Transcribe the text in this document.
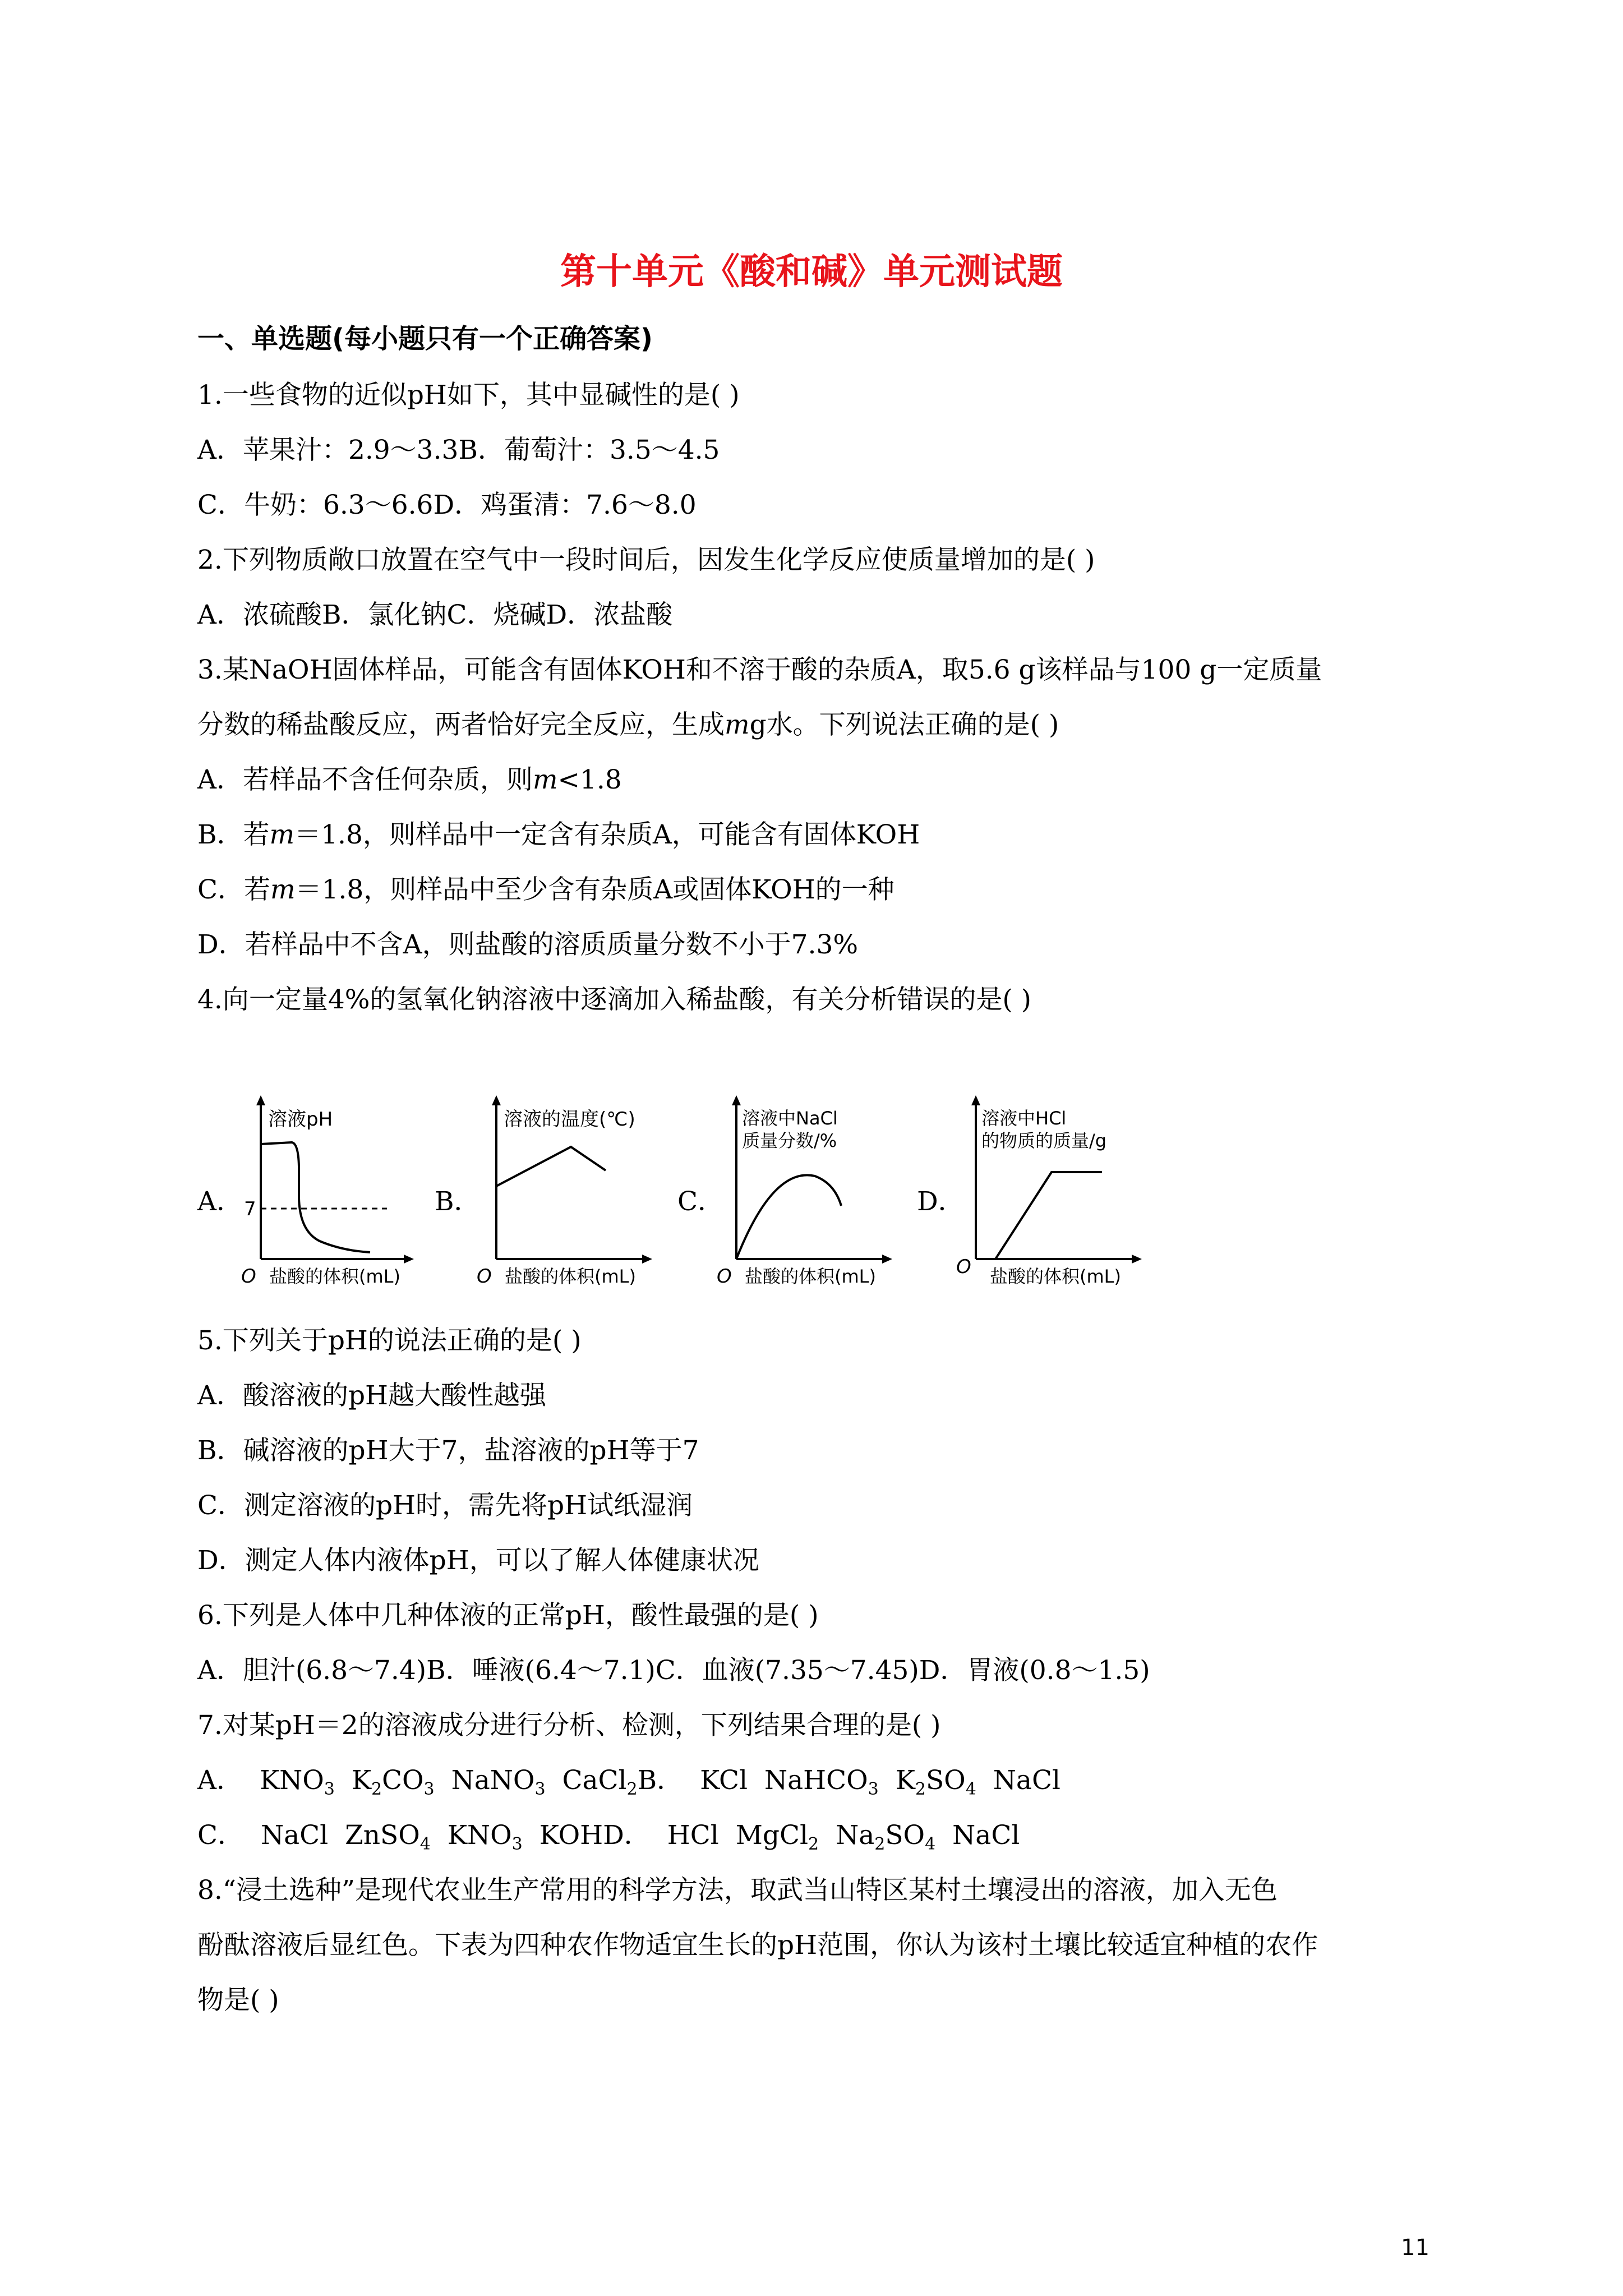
第十单元《酸和碱》单元测试题
一、单选题(每小题只有一个正确答案)
1.一些食物的近似pH如下，其中显碱性的是( )
A．苹果汁：2.9～3.3B．葡萄汁：3.5～4.5
C．牛奶：6.3～6.6D．鸡蛋清：7.6～8.0
2.下列物质敞口放置在空气中一段时间后，因发生化学反应使质量增加的是( )
A．浓硫酸B．氯化钠C．烧碱D．浓盐酸
3.某NaOH固体样品，可能含有固体KOH和不溶于酸的杂质A，取5.6 g该样品与100 g一定质量
分数的稀盐酸反应，两者恰好完全反应，生成mg水。下列说法正确的是( )
A．若样品不含任何杂质，则m<1.8
B．若m＝1.8，则样品中一定含有杂质A，可能含有固体KOH
C．若m＝1.8，则样品中至少含有杂质A或固体KOH的一种
D．若样品中不含A，则盐酸的溶质质量分数不小于7.3%
4.向一定量4%的氢氧化钠溶液中逐滴加入稀盐酸，有关分析错误的是( )
A．	B．	C．	D．
溶液pH
7
O 盐酸的体积(mL)
溶液的温度(℃)
O 盐酸的体积(mL)
溶液中NaCl
质量分数/%
O 盐酸的体积(mL)
溶液中HCl
的物质的质量/g
O 盐酸的体积(mL)
5.下列关于pH的说法正确的是( )
A．酸溶液的pH越大酸性越强
B．碱溶液的pH大于7，盐溶液的pH等于7
C．测定溶液的pH时，需先将pH试纸湿润
D．测定人体内液体pH，可以了解人体健康状况
6.下列是人体中几种体液的正常pH，酸性最强的是( )
A．胆汁(6.8～7.4)B．唾液(6.4～7.1)C．血液(7.35～7.45)D．胃液(0.8～1.5)
7.对某pH＝2的溶液成分进行分析、检测，下列结果合理的是( )
A． $KNO_3$ $K_2CO_3$ NaNO$_3$ CaCl$_2$B． KCl NaHCO$_3$ $K_2SO_4$ NaCl
C． NaCl ZnSO$_4$ $KNO_3$ KOHD． HCl MgCl$_2$ $Na_2SO_4$ NaCl
8.“浸土选种”是现代农业生产常用的科学方法，取武当山特区某村土壤浸出的溶液，加入无色
酚酞溶液后显红色。下表为四种农作物适宜生长的pH范围，你认为该村土壤比较适宜种植的农作
物是( )
11
